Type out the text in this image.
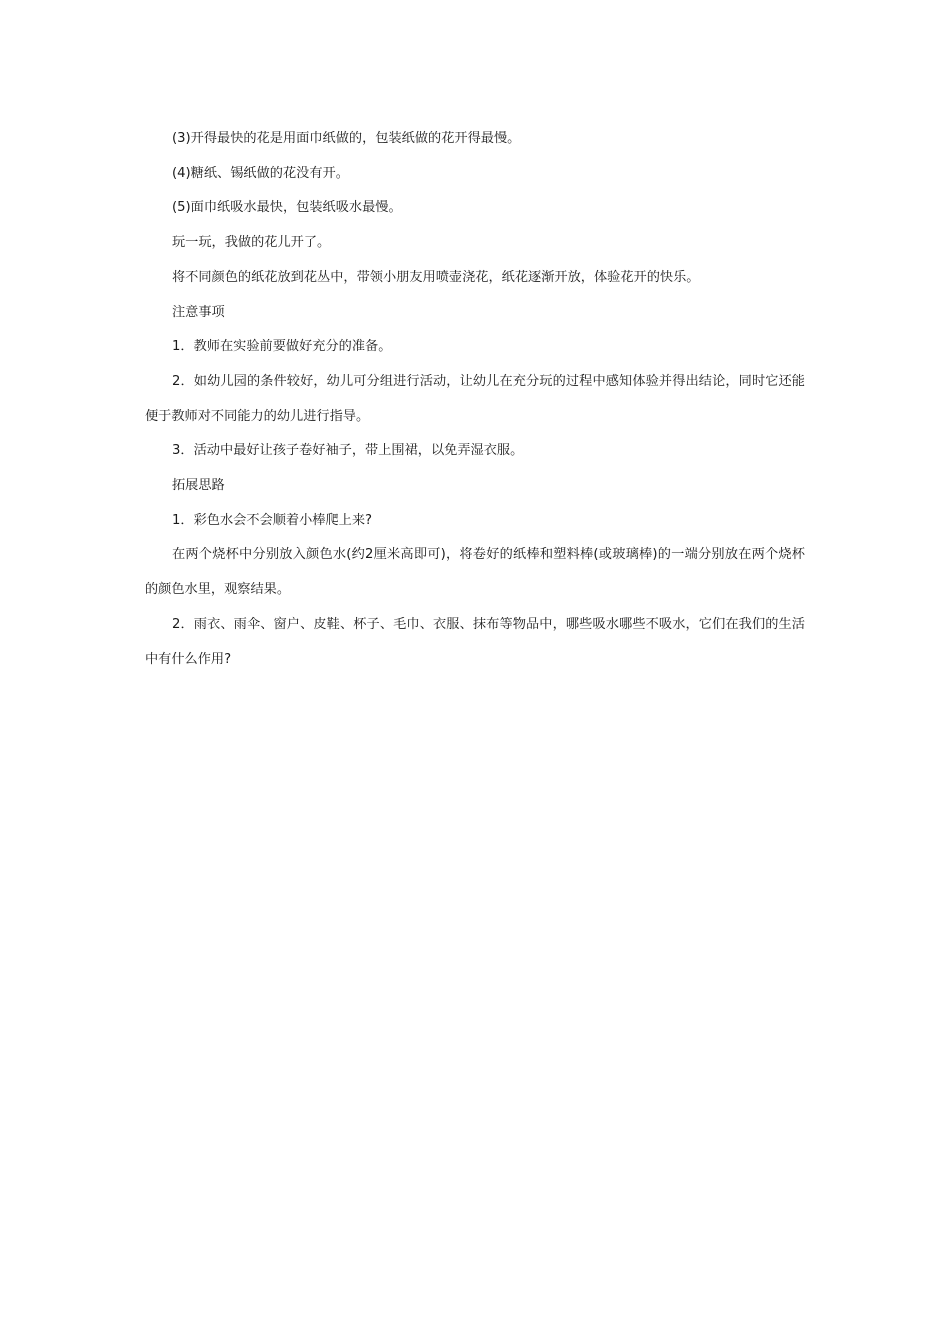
(3)开得最快的花是用面巾纸做的，包装纸做的花开得最慢。

(4)糖纸、锡纸做的花没有开。

(5)面巾纸吸水最快，包装纸吸水最慢。

玩一玩，我做的花儿开了。

将不同颜色的纸花放到花丛中，带领小朋友用喷壶浇花，纸花逐渐开放，体验花开的快乐。

注意事项

1．教师在实验前要做好充分的准备。

2．如幼儿园的条件较好，幼儿可分组进行活动，让幼儿在充分玩的过程中感知体验并得出结论，同时它还能便于教师对不同能力的幼儿进行指导。

3．活动中最好让孩子卷好袖子，带上围裙，以免弄湿衣服。

拓展思路

1．彩色水会不会顺着小棒爬上来?

在两个烧杯中分别放入颜色水(约2厘米高即可)，将卷好的纸棒和塑料棒(或玻璃棒)的一端分别放在两个烧杯的颜色水里，观察结果。

2．雨衣、雨伞、窗户、皮鞋、杯子、毛巾、衣服、抹布等物品中，哪些吸水哪些不吸水，它们在我们的生活中有什么作用?
